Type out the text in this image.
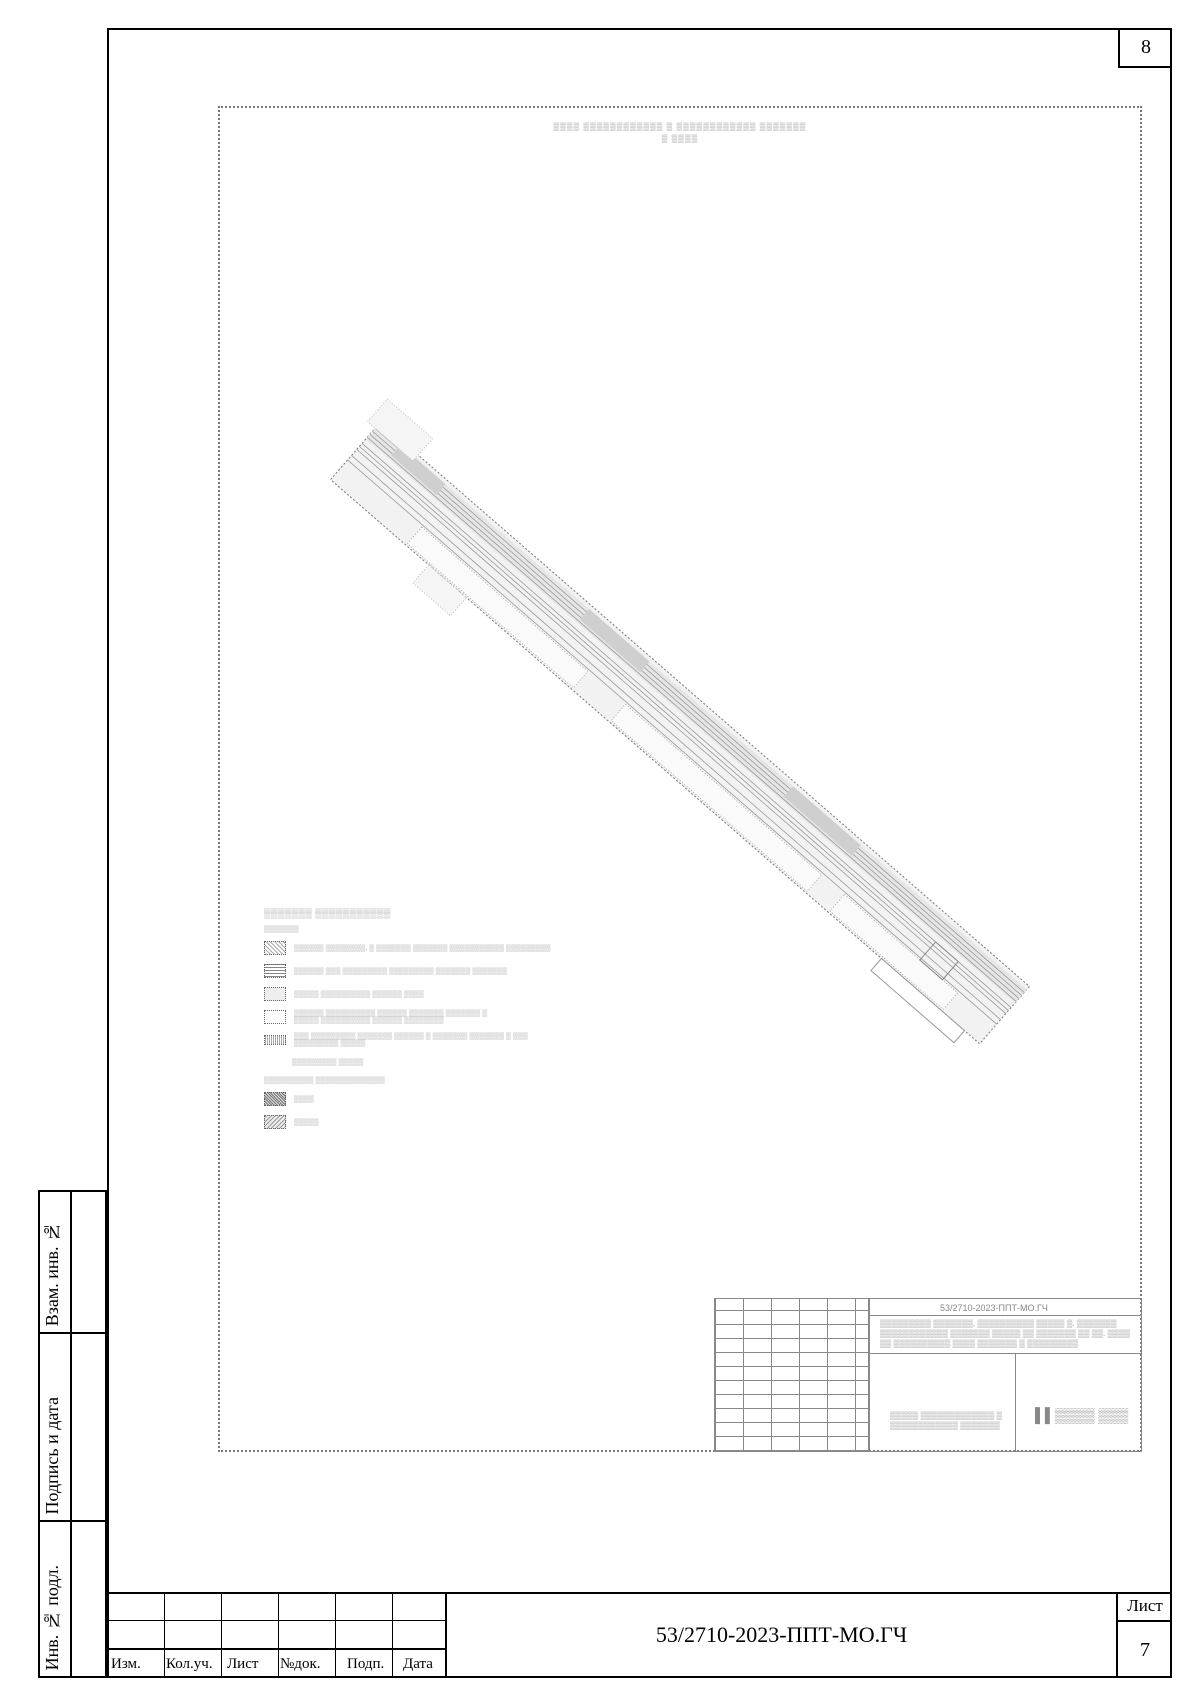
8
Взам. инв. №
Подпись и дата
Инв. № подл.
▒▒▒▒ ▒▒▒▒▒▒▒▒▒▒▒▒ ▒ ▒▒▒▒▒▒▒▒▒▒▒▒ ▒▒▒▒▒▒▒
▒ ▒▒▒▒
▒▒▒▒▒▒▒ ▒▒▒▒▒▒▒▒▒▒▒
▒▒▒▒▒▒▒
▒▒▒▒▒▒ ▒▒▒▒▒▒▒▒, ▒ ▒▒▒▒▒▒▒ ▒▒▒▒▒▒▒ ▒▒▒▒▒▒▒▒▒▒▒ ▒▒▒▒▒▒▒▒▒
▒▒▒▒▒▒ ▒▒▒ ▒▒▒▒▒▒▒▒▒ ▒▒▒▒▒▒▒▒▒ ▒▒▒▒▒▒▒ ▒▒▒▒▒▒▒
▒▒▒▒▒ ▒▒▒▒▒▒▒▒▒▒ ▒▒▒▒▒▒ ▒▒▒▒
▒▒▒▒▒▒ ▒▒▒▒▒▒▒▒▒▒ ▒▒▒▒▒▒ ▒▒▒▒▒▒▒ ▒▒▒▒▒▒▒ ▒
▒▒▒▒▒ ▒▒▒▒▒▒▒▒▒▒ ▒▒▒▒▒▒ ▒▒▒▒▒▒▒▒
▒▒▒ ▒▒▒▒▒▒▒▒▒ ▒▒▒▒▒▒▒ ▒▒▒▒▒▒ ▒ ▒▒▒▒▒▒▒ ▒▒▒▒▒▒▒ ▒ ▒▒▒
▒▒▒▒▒▒▒▒▒ ▒▒▒▒▒
▒▒▒▒▒▒▒▒▒ ▒▒▒▒▒
▒▒▒▒▒▒▒▒▒▒ ▒▒▒▒▒▒▒▒▒▒▒▒▒▒
▒▒▒▒
▒▒▒▒▒
53/2710-2023-ППТ-МО.ГЧ
▒▒▒▒▒▒▒▒▒ ▒▒▒▒▒▒▒, ▒▒▒▒▒▒▒▒▒▒ ▒▒▒▒▒ ▒. ▒▒▒▒▒▒▒
▒▒▒▒▒▒▒▒▒▒▒▒ ▒▒▒▒▒▒▒ ▒▒▒▒▒ ▒▒ ▒▒▒▒▒▒▒ ▒▒ ▒▒. ▒▒▒▒
▒▒ ▒▒▒▒▒▒▒▒▒▒ ▒▒▒▒ ▒▒▒▒▒▒▒ ▒ ▒▒▒▒▒▒▒▒▒
▒▒▒▒▒ ▒▒▒▒▒▒▒▒▒▒▒▒▒ ▒
▒▒▒▒▒▒▒▒▒▒▒▒ ▒▒▒▒▒▒▒
▌▌▒▒▒▒ ▒▒▒
Изм. Кол.уч. Лист №док. Подп. Дата
53/2710-2023-ППТ-МО.ГЧ
Лист
7
